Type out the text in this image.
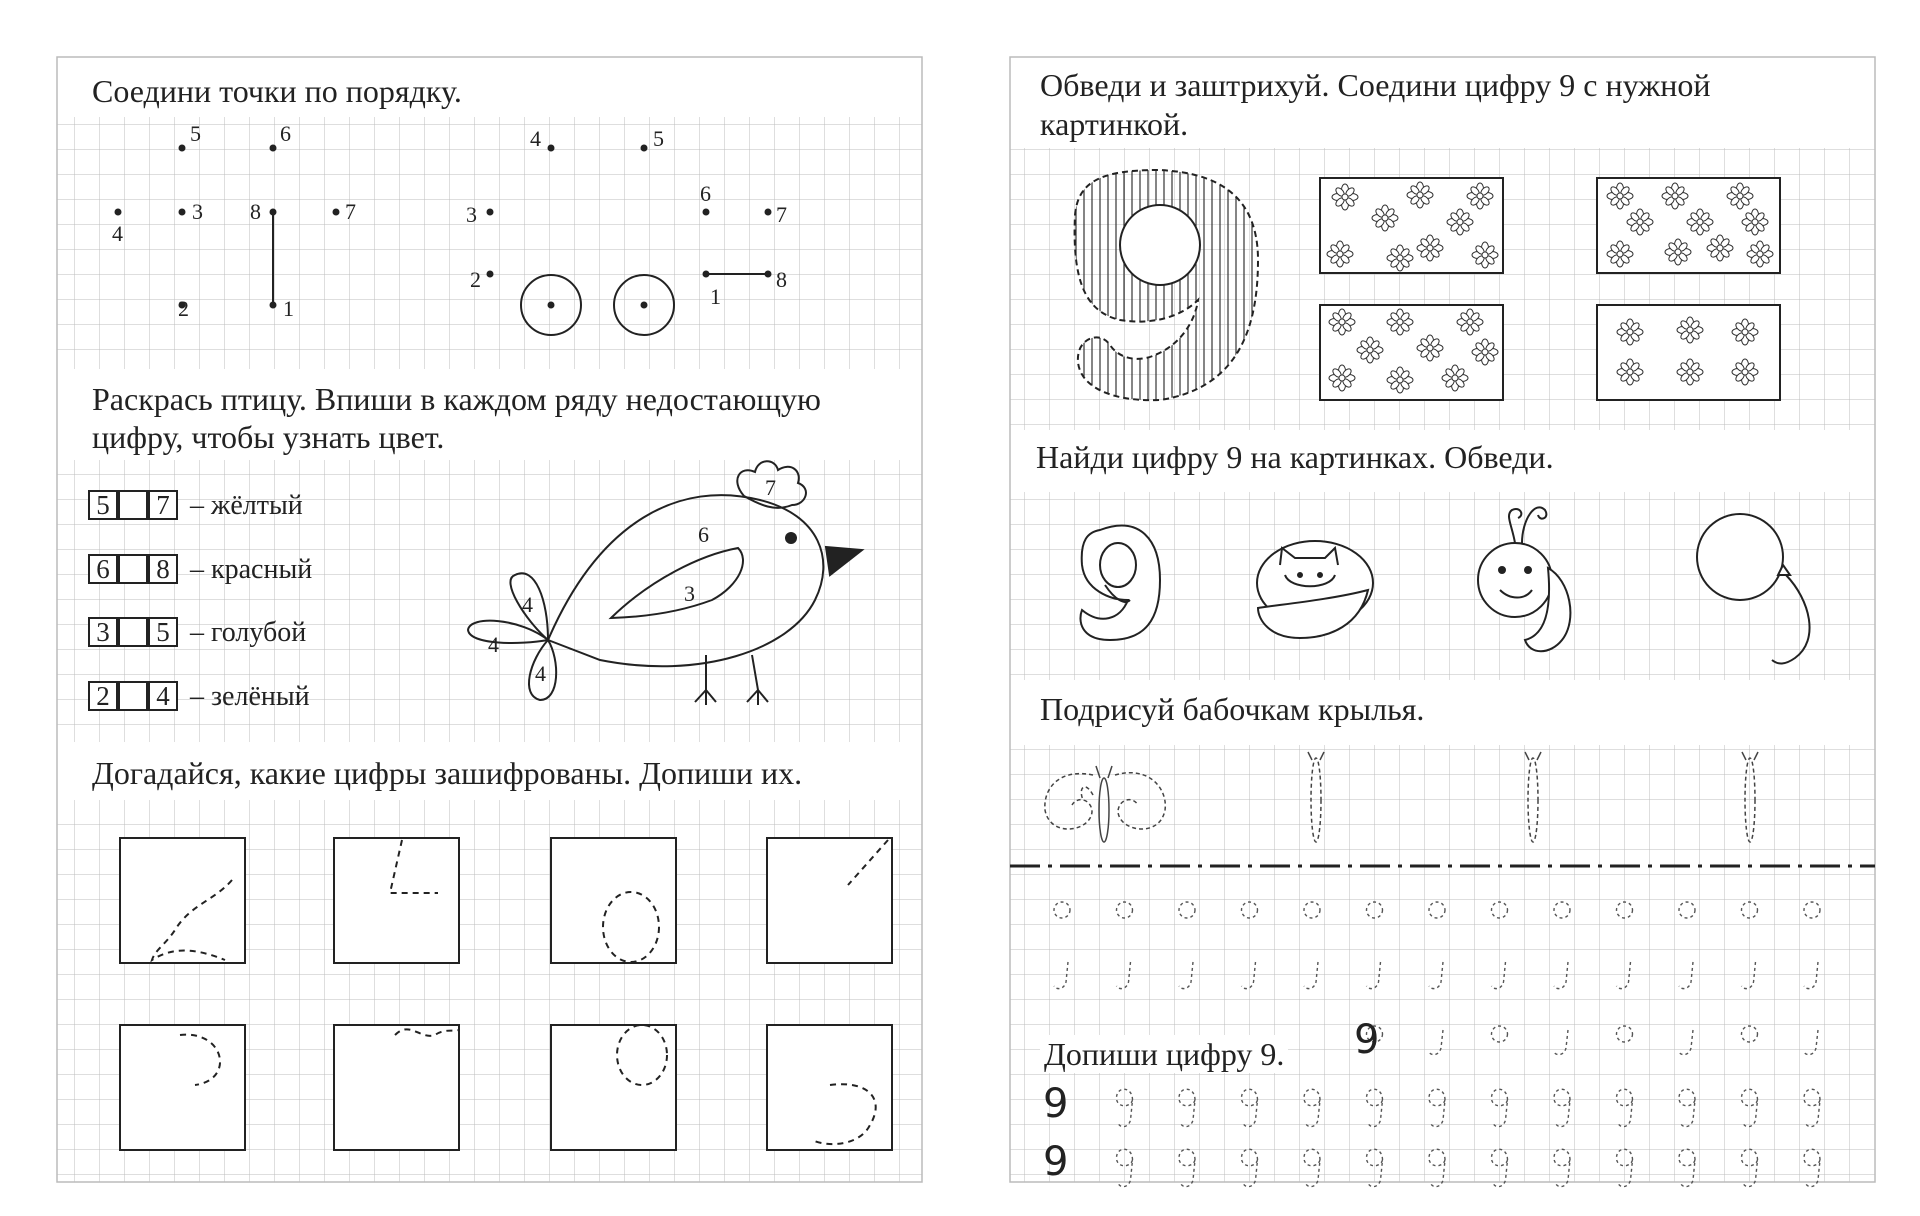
Соедини точки по порядку.
2
3
4
5	6
7
8
1
2
3
4	5
6
7
8
1
Раскрась птицу. Впиши в каждом ряду недостающую
цифру, чтобы узнать цвет.
5	7 – жёлтый
6	8 – красный
3	5 – голубой
2	4 – зелёный
7
6
3
4
4
4
Догадайся, какие цифры зашифрованы. Допиши их.
Обведи и заштрихуй. Соедини цифру 9 с нужной
картинкой.
Найди цифру 9 на картинках. Обведи.
Подрисуй бабочкам крылья.
Допиши цифру 9. 9
9
9
